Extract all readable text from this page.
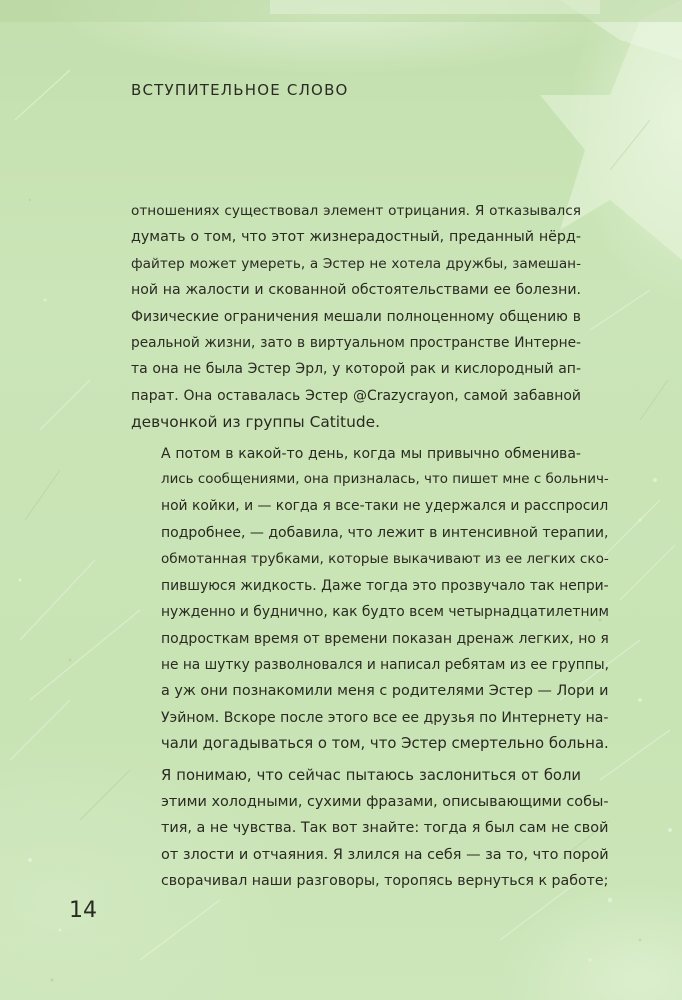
ВСТУПИТЕЛЬНОЕ СЛОВО

отношениях существовал элемент отрицания. Я отказывался
думать о том, что этот жизнерадостный, преданный нёрд-
файтер может умереть, а Эстер не хотела дружбы, замешан-
ной на жалости и скованной обстоятельствами ее болезни.
Физические ограничения мешали полноценному общению в
реальной жизни, зато в виртуальном пространстве Интерне-
та она не была Эстер Эрл, у которой рак и кислородный ап-
парат. Она оставалась Эстер @Crazycrayon, самой забавной
девчонкой из группы Catitude.

А потом в какой-то день, когда мы привычно обменива-
лись сообщениями, она призналась, что пишет мне с больнич-
ной койки, и — когда я все-таки не удержался и расспросил
подробнее, — добавила, что лежит в интенсивной терапии,
обмотанная трубками, которые выкачивают из ее легких ско-
пившуюся жидкость. Даже тогда это прозвучало так непри-
нужденно и буднично, как будто всем четырнадцатилетним
подросткам время от времени показан дренаж легких, но я
не на шутку разволновался и написал ребятам из ее группы,
а уж они познакомили меня с родителями Эстер — Лори и
Уэйном. Вскоре после этого все ее друзья по Интернету на-
чали догадываться о том, что Эстер смертельно больна.

Я понимаю, что сейчас пытаюсь заслониться от боли
этими холодными, сухими фразами, описывающими собы-
тия, а не чувства. Так вот знайте: тогда я был сам не свой
от злости и отчаяния. Я злился на себя — за то, что порой
сворачивал наши разговоры, торопясь вернуться к работе;

14
